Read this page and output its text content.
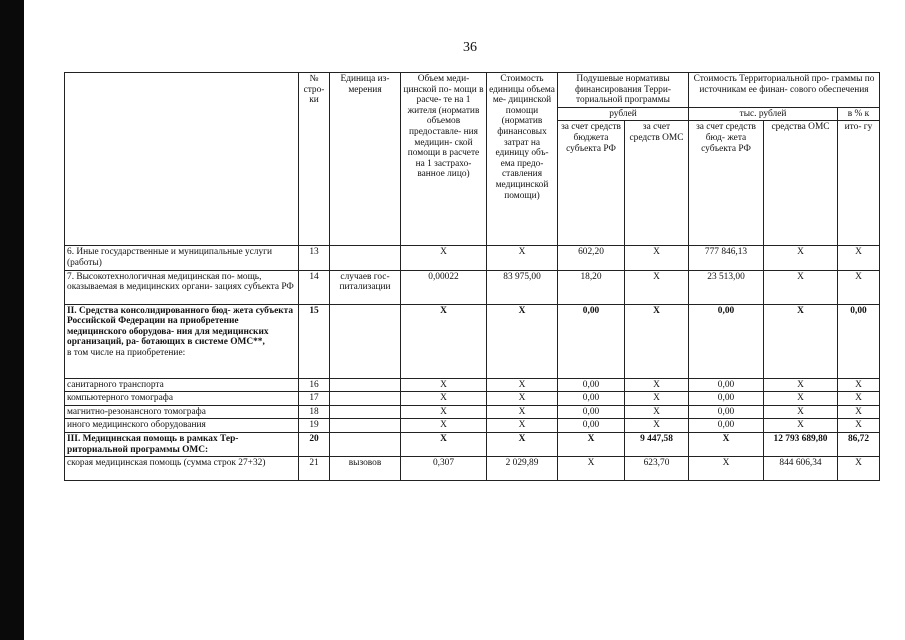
36
	№ стро- ки	Единица из- мерения	Объем меди- цинской по- мощи в расче- те на 1 жителя (норматив объемов предоставле- ния медицин- ской помощи в расчете на 1 застрахо- ванное лицо)	Стоимость единицы объема ме- дицинской помощи (норматив финансовых затрат на единицу объ- ема предо- ставления медицинской помощи)	Подушевые нормативы финансирования Терри- ториальной программы		Стоимость Территориальной про- граммы по источникам ее финан- сового обеспечения		
					рублей		тыс. рублей		в % к
					за счет средств бюджета субъекта РФ	за счет средств ОМС	за счет средств бюд- жета субъекта РФ	средства ОМС	ито- гу

6. Иные государственные и муниципальные услуги (работы)	13		Х	Х	602,20	Х	777 846,13	Х	Х
7. Высокотехнологичная медицинская по- мощь, оказываемая в медицинских органи- зациях субъекта РФ	14	случаев гос- питализации	0,00022	83 975,00	18,20	Х	23 513,00	Х	Х
II. Средства консолидированного бюд- жета субъекта Российской Федерации на приобретение медицинского оборудова- ния для медицинских организаций, ра- ботающих в системе ОМС**,
в том числе на приобретение:	15		Х	Х	0,00	Х	0,00	Х	0,00
санитарного транспорта	16		Х	Х	0,00	Х	0,00	Х	Х
компьютерного томографа	17		Х	Х	0,00	Х	0,00	Х	Х
магнитно-резонансного томографа	18		Х	Х	0,00	Х	0,00	Х	Х
иного медицинского оборудования	19		Х	Х	0,00	Х	0,00	Х	Х
III. Медицинская помощь в рамках Тер- риториальной программы ОМС:	20		Х	Х	Х	9 447,58	Х	12 793 689,80	86,72
скорая медицинская помощь (сумма строк 27+32)	21	вызовов	0,307	2 029,89	Х	623,70	Х	844 606,34	Х
